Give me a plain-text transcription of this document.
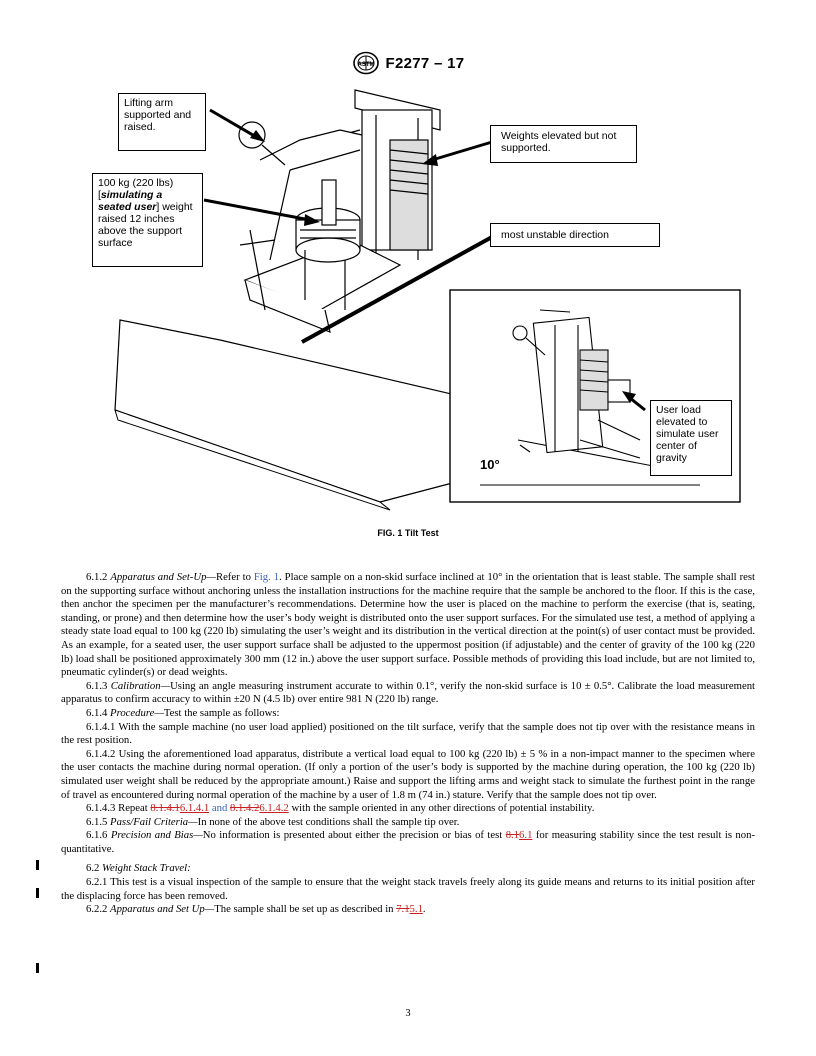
ASTM F2277 – 17
Lifting arm supported and raised.
Weights elevated but not supported.
100 kg (220 lbs)
[simulating a seated user] weight raised 12 inches above the support surface
most unstable direction
User load elevated to simulate user center of gravity
10°
FIG. 1 Tilt Test

6.1.2 Apparatus and Set-Up—Refer to Fig. 1. Place sample on a non-skid surface inclined at 10° in the orientation that is least stable. The sample shall rest on the supporting surface without anchoring unless the installation instructions for the machine require that the sample be anchored to the floor. If this is the case, then anchor the specimen per the manufacturer’s recommendations. Determine how the user is placed on the machine to perform the exercise (that is, seating, standing, or prone) and then determine how the user’s body weight is distributed onto the user support surfaces. For the simulated use test, a method of applying a steady state load equal to 100 kg (220 lb) simulating the user’s weight and its distribution in the vertical direction at the point(s) of user contact must be provided. As an example, for a seated user, the user support surface shall be adjusted to the uppermost position (if adjustable) and the center of gravity of the 100 kg (220 lb) load shall be positioned approximately 300 mm (12 in.) above the user support surface. Possible methods of providing this load include, but are not limited to, pneumatic cylinder(s) or dead weights.

6.1.3 Calibration—Using an angle measuring instrument accurate to within 0.1°, verify the non-skid surface is 10 ± 0.5°. Calibrate the load measurement apparatus to confirm accuracy to within ±20 N (4.5 lb) over entire 981 N (220 lb) range.

6.1.4 Procedure—Test the sample as follows:

6.1.4.1 With the sample machine (no user load applied) positioned on the tilt surface, verify that the sample does not tip over with the resistance means in the rest position.

6.1.4.2 Using the aforementioned load apparatus, distribute a vertical load equal to 100 kg (220 lb) ± 5 % in a non-impact manner to the specimen where the user contacts the machine during normal operation. (If only a portion of the user’s body is supported by the machine during operation, the 100 kg (220 lb) simulated user weight shall be reduced by the appropriate amount.) Raise and support the lifting arms and weight stack to simulate the furthest point in the range of travel as encountered during normal operation of the machine by a user of 1.8 m (74 in.) stature. Verify that the sample does not tip over.

6.1.4.3 Repeat 8.1.4.16.1.4.1 and 8.1.4.26.1.4.2 with the sample oriented in any other directions of potential instability.

6.1.5 Pass/Fail Criteria—In none of the above test conditions shall the sample tip over.

6.1.6 Precision and Bias—No information is presented about either the precision or bias of test 8.16.1 for measuring stability since the test result is non-quantitative.

6.2 Weight Stack Travel:

6.2.1 This test is a visual inspection of the sample to ensure that the weight stack travels freely along its guide means and returns to its initial position after the displacing force has been removed.

6.2.2 Apparatus and Set Up—The sample shall be set up as described in 7.15.1.

3
